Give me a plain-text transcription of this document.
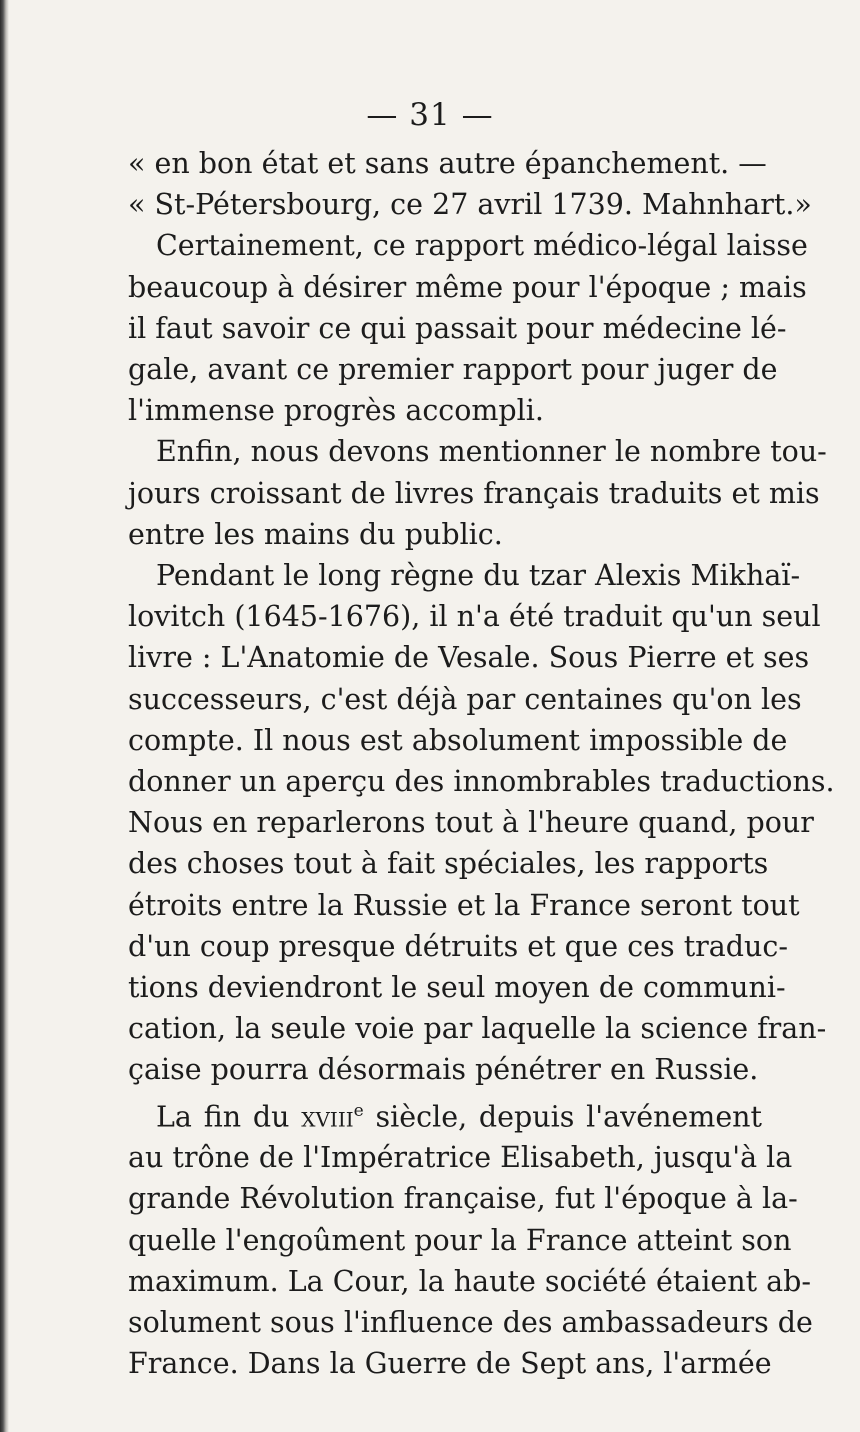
— 31 —
« en bon état et sans autre épanchement. —
« St-Pétersbourg, ce 27 avril 1739. Mahnhart.»
Certainement, ce rapport médico-légal laisse
beaucoup à désirer même pour l'époque ; mais
il faut savoir ce qui passait pour médecine lé-
gale, avant ce premier rapport pour juger de
l'immense progrès accompli.
Enfin, nous devons mentionner le nombre tou-
jours croissant de livres français traduits et mis
entre les mains du public.
Pendant le long règne du tzar Alexis Mikhaï-
lovitch (1645-1676), il n'a été traduit qu'un seul
livre : L'Anatomie de Vesale. Sous Pierre et ses
successeurs, c'est déjà par centaines qu'on les
compte. Il nous est absolument impossible de
donner un aperçu des innombrables traductions.
Nous en reparlerons tout à l'heure quand, pour
des choses tout à fait spéciales, les rapports
étroits entre la Russie et la France seront tout
d'un coup presque détruits et que ces traduc-
tions deviendront le seul moyen de communi-
cation, la seule voie par laquelle la science fran-
çaise pourra désormais pénétrer en Russie.
La fin du xviii$^e$ siècle, depuis l'avénement
au trône de l'Impératrice Elisabeth, jusqu'à la
grande Révolution française, fut l'époque à la-
quelle l'engoûment pour la France atteint son
maximum. La Cour, la haute société étaient ab-
solument sous l'influence des ambassadeurs de
France. Dans la Guerre de Sept ans, l'armée
